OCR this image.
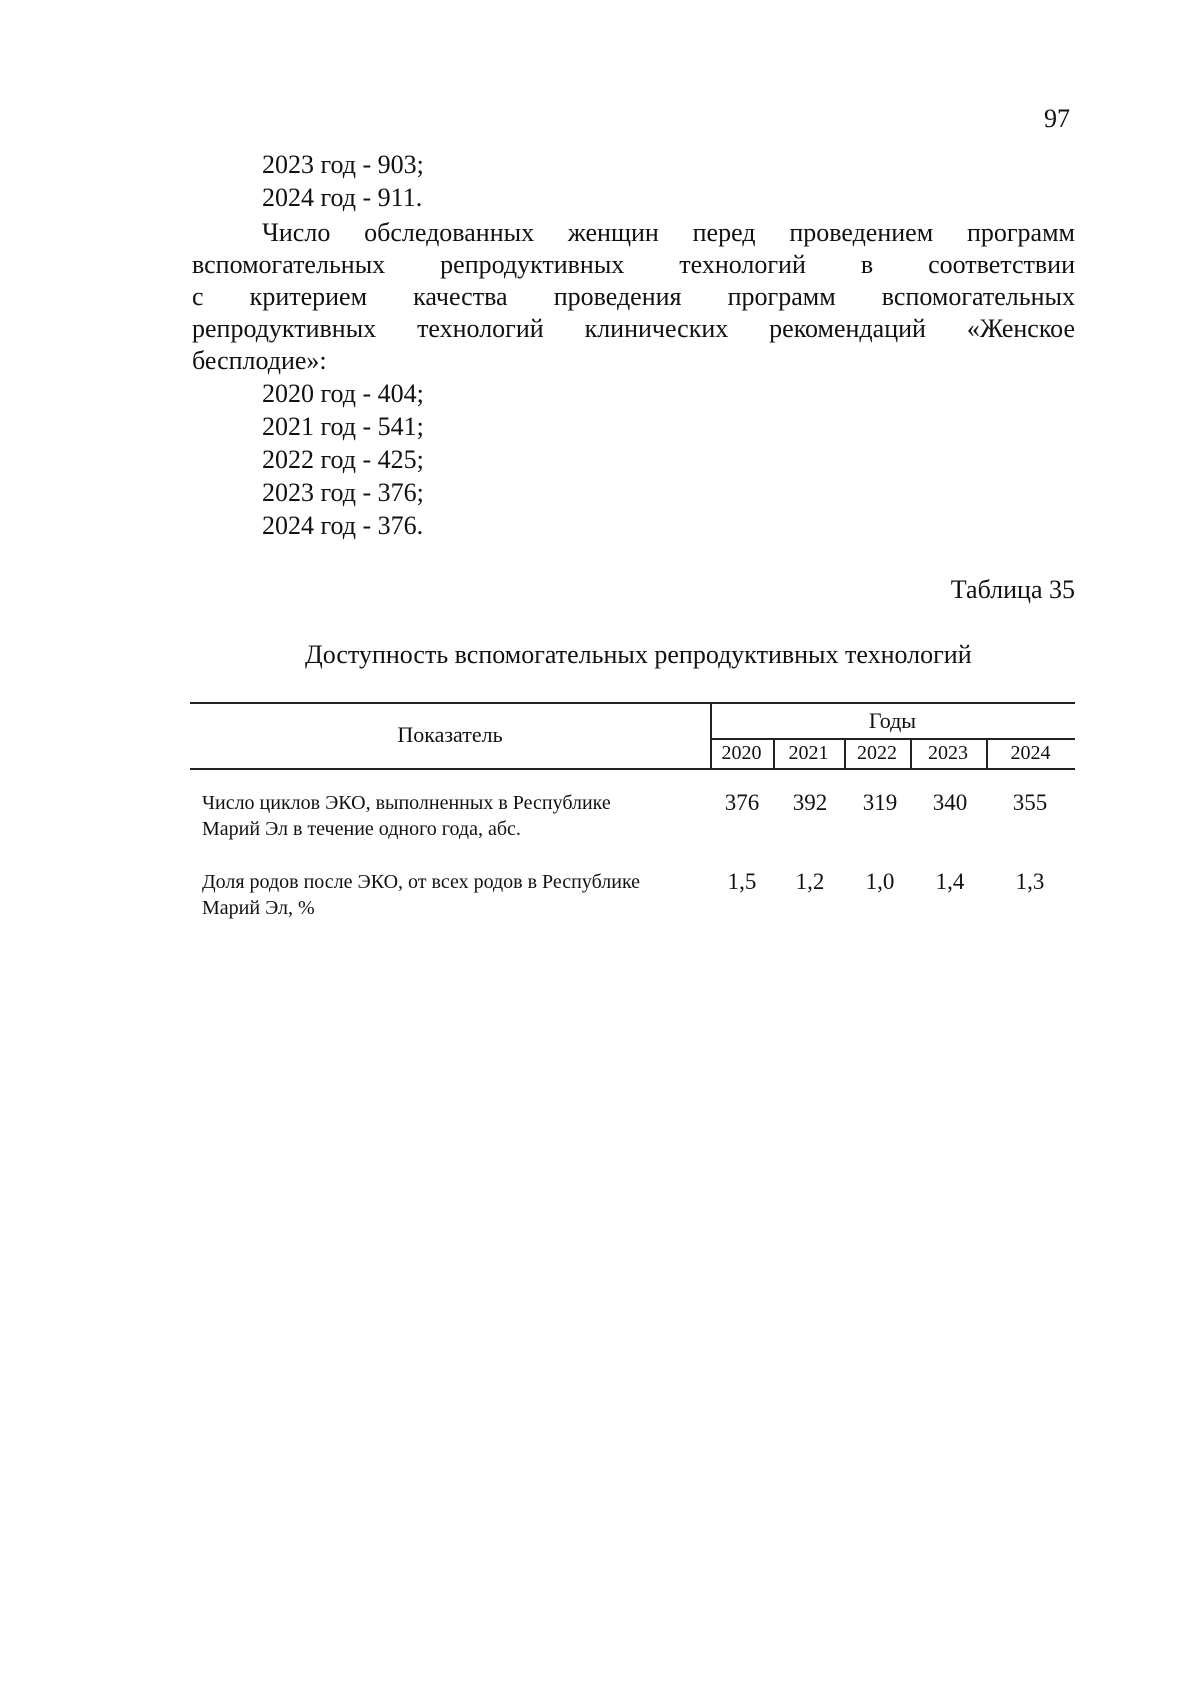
97
2023 год - 903;
2024 год - 911.
Число обследованных женщин перед проведением программ
вспомогательных репродуктивных технологий в соответствии
с критерием качества проведения программ вспомогательных
репродуктивных технологий клинических рекомендаций «Женское
бесплодие»:
2020 год - 404;
2021 год - 541;
2022 год - 425;
2023 год - 376;
2024 год - 376.
Таблица 35
Доступность вспомогательных репродуктивных технологий
Показатель
Годы
2020	2021	2022	2023	2024
Число циклов ЭКО, выполненных в Республике
Марий Эл в течение одного года, абс.
376	392	319	340	355
Доля родов после ЭКО, от всех родов в Республике
Марий Эл, %
1,5	1,2	1,0	1,4	1,3
